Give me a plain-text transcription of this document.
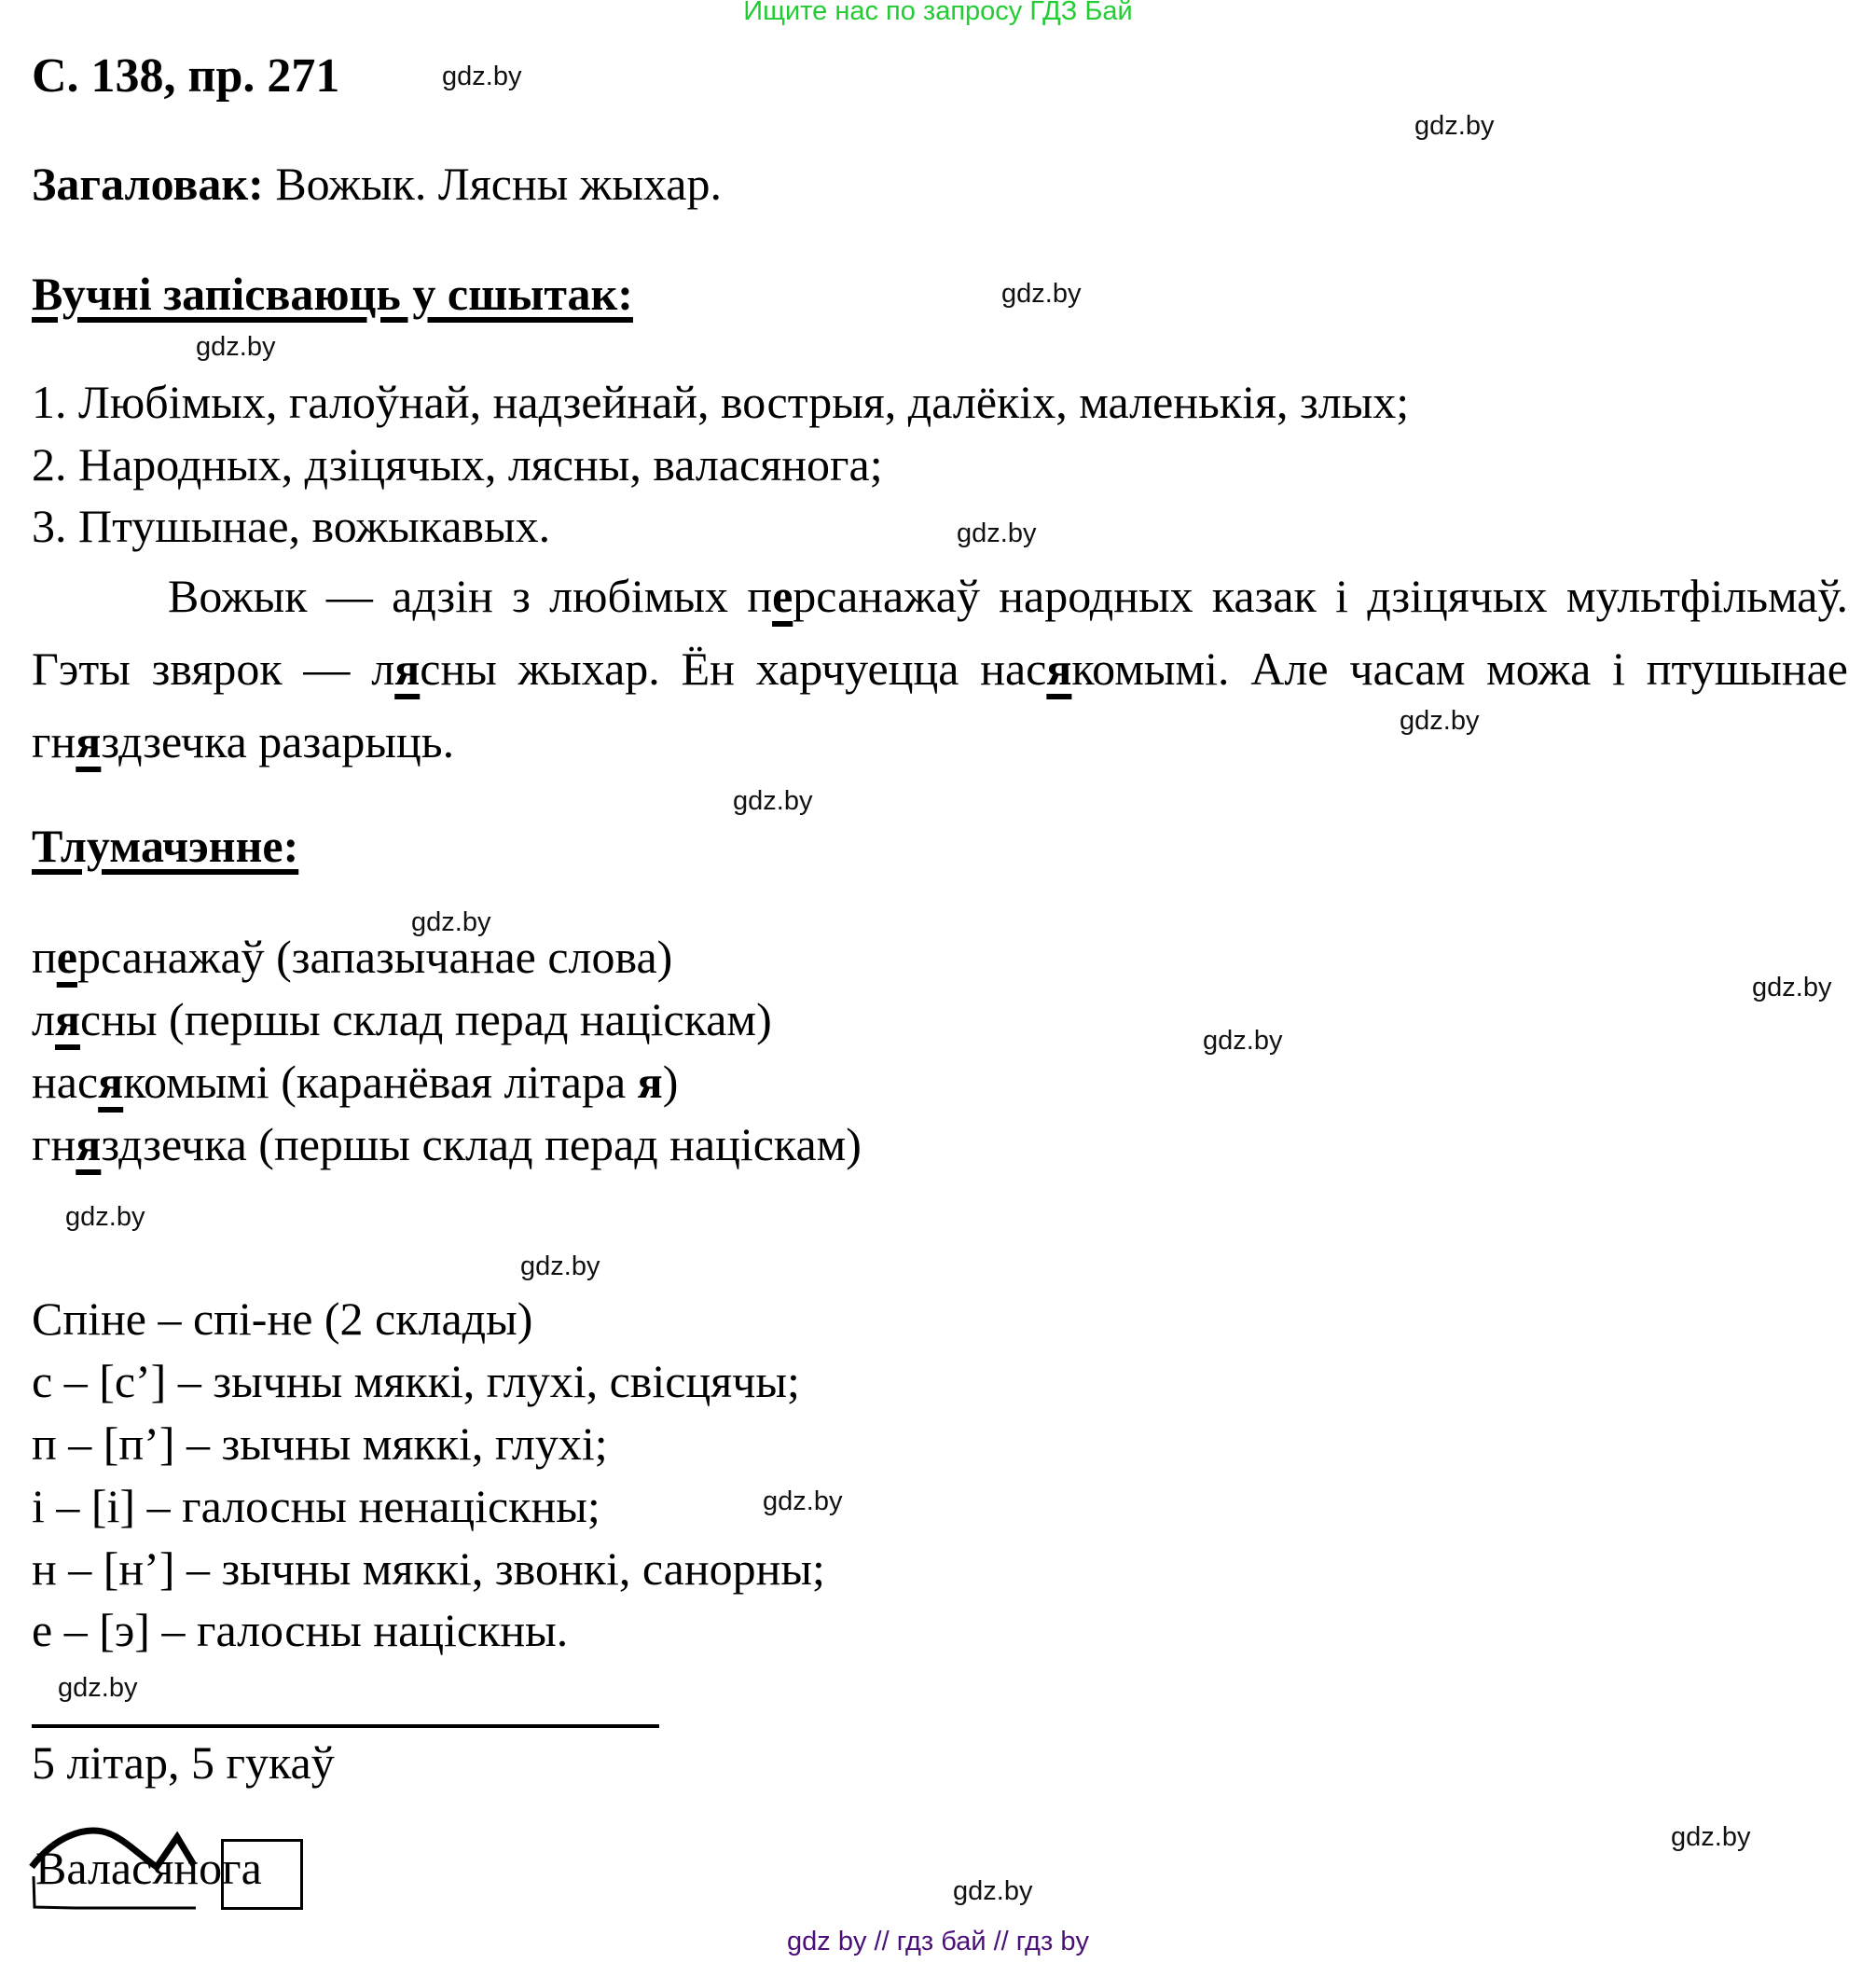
Ищите нас по запросу ГДЗ Бай
С. 138, пр. 271
Загаловак: Вожык. Лясны жыхар.
Вучні запісваюць у сшытак:
1. Любімых, галоўнай, надзейнай, вострыя, далёкіх, маленькія, злых;
2. Народных, дзіцячых, лясны, валасянога;
3. Птушынае, вожыкавых.
Вожык — адзін з любімых персанажаў народных казак і дзіцячых мультфільмаў. Гэты звярок — лясны жыхар. Ён харчуецца насякомымі. Але часам можа і птушынае гняздзечка разарыць.
Тлумачэнне:
персанажаў (запазычанае слова)
лясны (першы склад перад націскам)
насякомымі (каранёвая літара я)
гняздзечка (першы склад перад націскам)
Спіне – спі-не (2 склады)
с – [с’] – зычны мяккі, глухі, свісцячы;
п – [п’] – зычны мяккі, глухі;
і – [і] – галосны ненаціскны;
н – [н’] – зычны мяккі, звонкі, санорны;
е – [э] – галосны націскны.
5 літар, 5 гукаў
Валасянога
gdz.by
gdz.by
gdz.by
gdz.by
gdz.by
gdz.by
gdz.by
gdz.by
gdz.by
gdz.by
gdz.by
gdz.by
gdz.by
gdz.by
gdz.by
gdz.by
gdz by // гдз бай // гдз by
